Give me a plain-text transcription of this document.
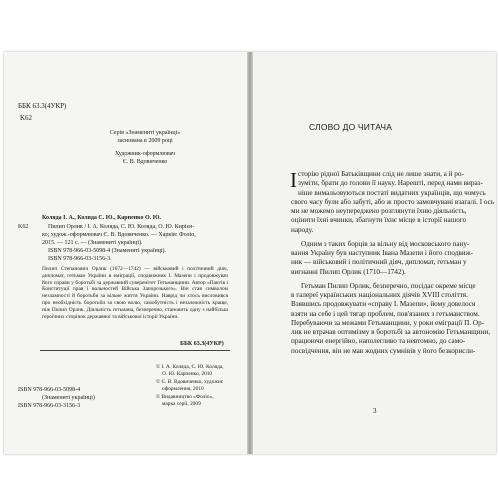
ББК 63.3(4УКР)
K62
Серія «Знамениті українці»
заснована в 2009 році
Художник-оформлювач
Є. В. Вдовиченко
Коляда І. А., Коляда С. Ю., Карпенко О. Ю.
K62	Пилип Орлик / І. А. Коляда, С. Ю. Коляда, О. Ю. Кирієн-
ко; худож.-оформлювач Є. В. Вдовиченко. — Харків: Фоліо,
2015. — 121 с. — (Знамениті українці).
ISBN 978-966-03-5098-4 (Знамениті українці).
ISBN 978-966-03-3156-3.
Пилип Степанович Орлик (1672—1742) — військовий і політичний діяч, дипломат, гетьман України в еміграції, сподвижник І. Мазепи і продовжувач його справи у боротьбі за державний суверенітет Гетьманщини. Автор «Пактів і Конституції прав і вольностей Війська Запорозького». Він став символом незламності й боротьби за вільне життя України. Наврід чи хтось висловився про необхідність боротьби за свою волю, самобутність і незалежність краще, ніж Пилип Орлик. Діяльність гетьмана, безперечно, становить одну з найбільш героїчних сторінок державної та військової історії України.
ББК 63.3(4УКР)
ISBN 978-966-03-5098-4
(Знамениті українці)
ISBN 978-966-03-3156-3
© І. А. Коляда, С. Ю. Коляда,
О. Ю. Карпенко, 2010
© Є. В. Вдовиченко, художнє
оформлення, 2010
© Видавництво «Фоліо»,
марка серії, 2009
СЛОВО ДО ЧИТАЧА
Історію рідної Батьківщини слід не лише знати, а й ро-
зуміти, брати до голови її науку. Нарешті, перед нами вираз-
ніше вимальовуються постаті видатних українців, що чомусь
свого часу були або забуті, або ж просто замовчувані взагалі. І ось
ми не можемо неупереджено розглянути їхню діяльність,
оцінити їхні вчинки, збагнути їхнє місце в історії нашого
народу.
Одним з таких борців за вільну від московського пану-
вання Україну був наступник Івана Мазепи і його сподвиж-
ник — військовий і політичний діяч, дипломат, гетьман у
вигнанні Пилип Орлик (1710—1742).
Гетьман Пилип Орлик, безперечно, посідає окреме місце
в галереї українських національних діячів XVIII століття.
Взявшись продовжувати «справу І. Мазепи», йому довелося
взяти на себе і цей тягар проблем, пов'язаних з гетьманством.
Перебуваючи за межами Гетьманщини, у роки еміграції П. Ор-
лик не втрачав оптимізму в боротьбі за автономію Гетьманщини,
працюючи енергійно, наполегливо та невтомно, до само-
посвідчення, він не мав жодних сумнівів у його безкорисли-
3
